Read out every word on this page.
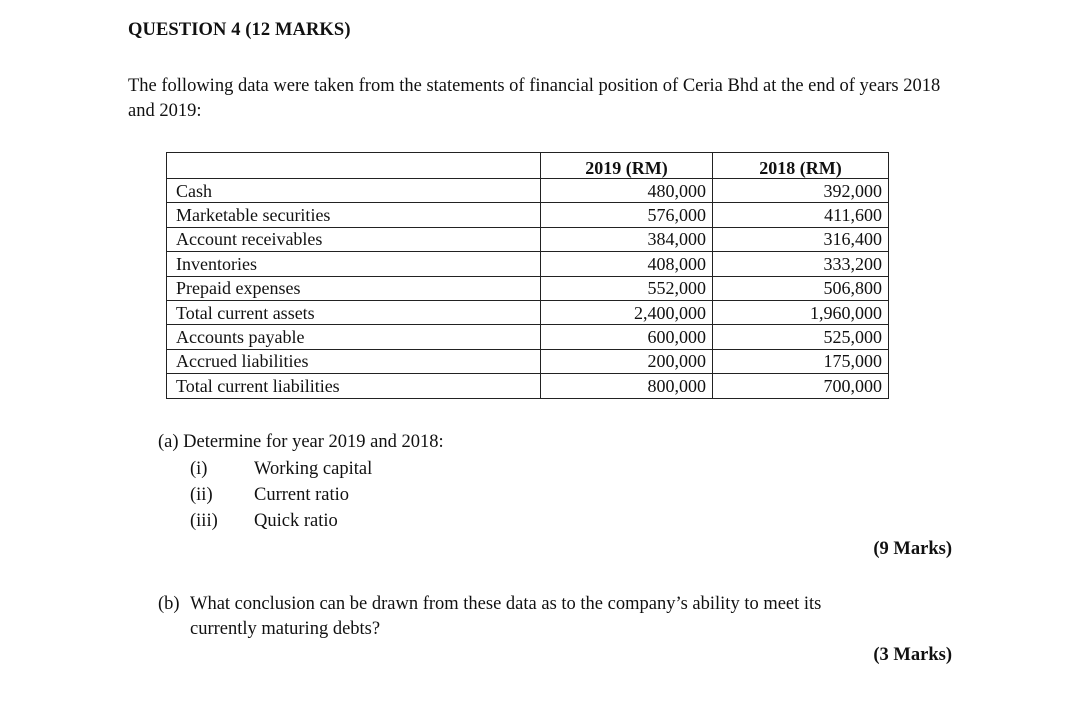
QUESTION 4 (12 MARKS)
The following data were taken from the statements of financial position of Ceria Bhd at the end of years 2018 and 2019:
	2019 (RM)	2018 (RM)
Cash	480,000	392,000
Marketable securities	576,000	411,600
Account receivables	384,000	316,400
Inventories	408,000	333,200
Prepaid expenses	552,000	506,800
Total current assets	2,400,000	1,960,000
Accounts payable	600,000	525,000
Accrued liabilities	200,000	175,000
Total current liabilities	800,000	700,000
(a) Determine for year 2019 and 2018:
(i)	Working capital
(ii) Current ratio
(iii) Quick ratio
(9 Marks)
(b) What conclusion can be drawn from these data as to the company’s ability to meet its
currently maturing debts?
(3 Marks)
